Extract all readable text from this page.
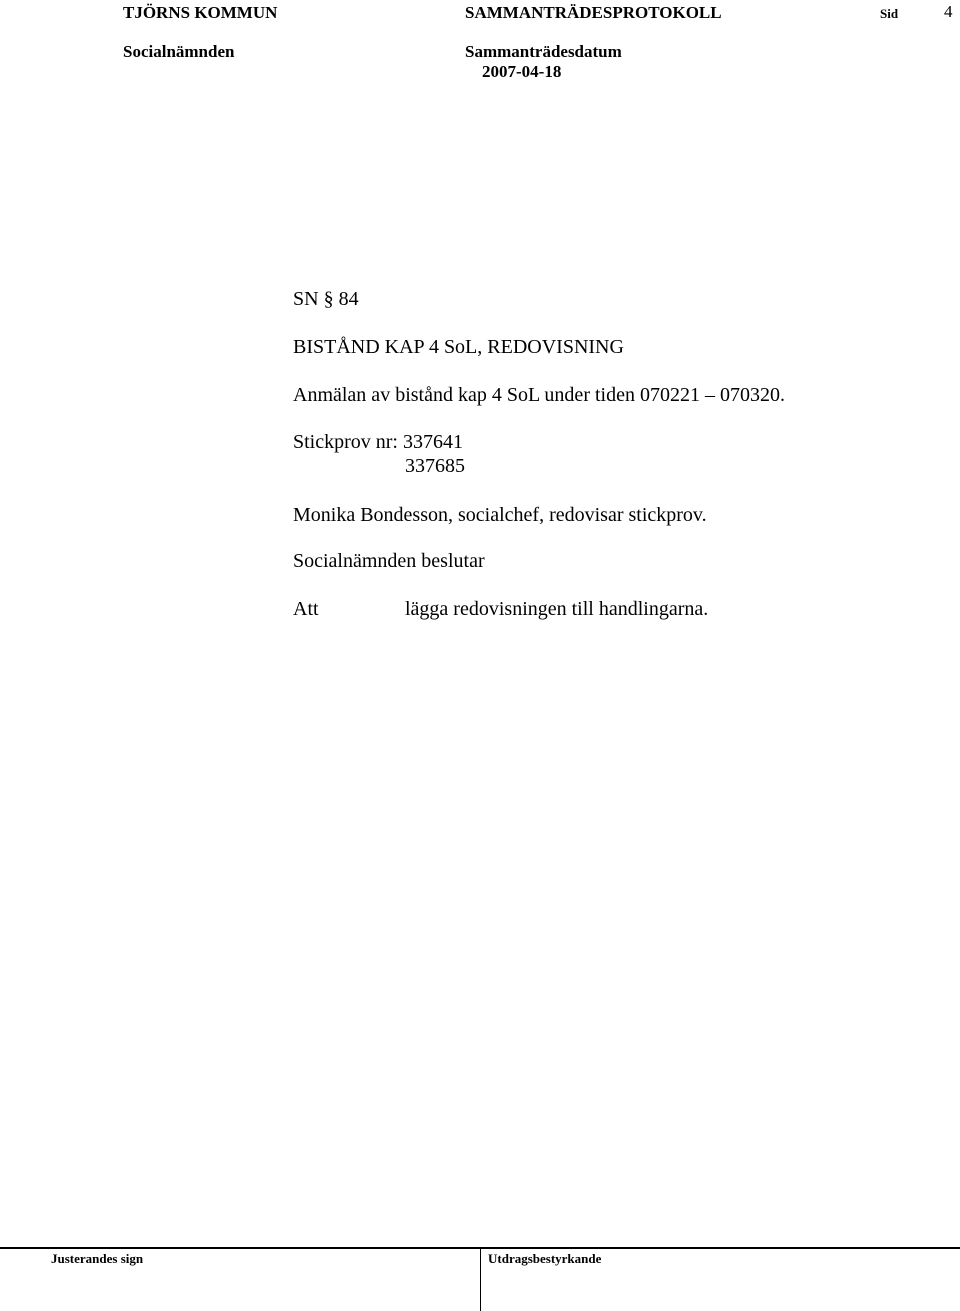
TJÖRNS KOMMUN	SAMMANTRÄDESPROTOKOLL	Sid	4
Socialnämnden	Sammanträdesdatum
2007-04-18
SN § 84
BISTÅND KAP 4 SoL, REDOVISNING
Anmälan av bistånd kap 4 SoL under tiden 070221 – 070320.
Stickprov nr: 337641
337685
Monika Bondesson, socialchef, redovisar stickprov.
Socialnämnden beslutar
Att	lägga redovisningen till handlingarna.
Justerandes sign	Utdragsbestyrkande
